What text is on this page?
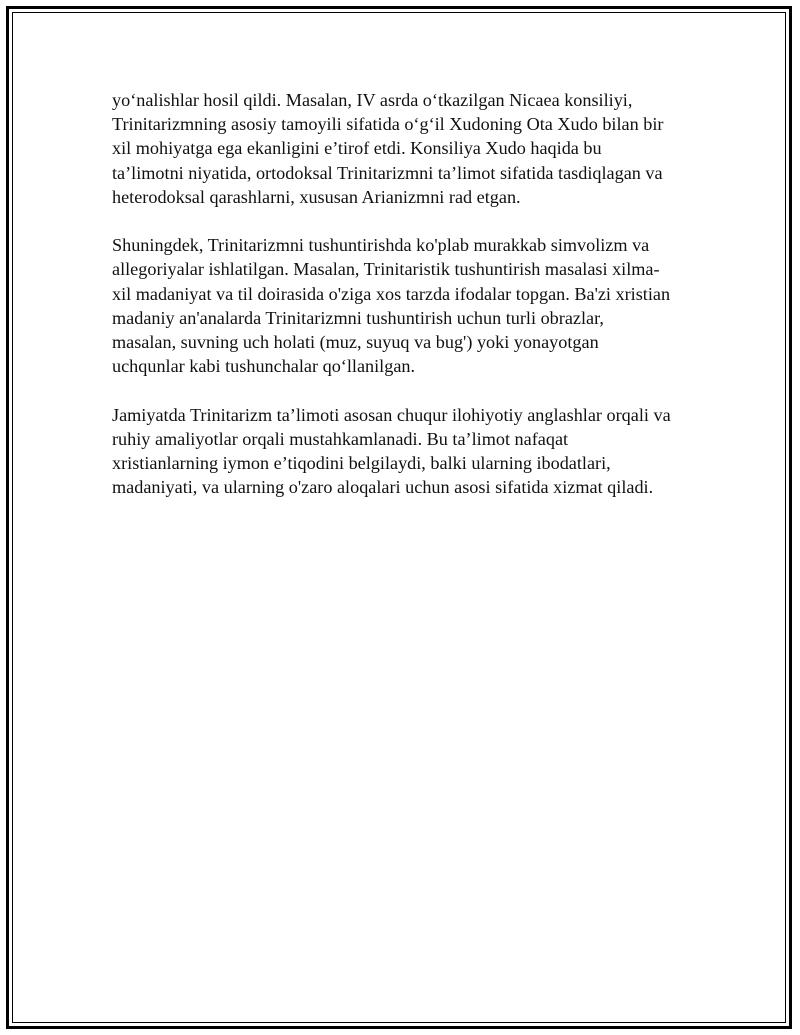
yo‘nalishlar hosil qildi. Masalan, IV asrda o‘tkazilgan Nicaea konsiliyi,
Trinitarizmning asosiy tamoyili sifatida o‘g‘il Xudoning Ota Xudo bilan bir
xil mohiyatga ega ekanligini e’tirof etdi. Konsiliya Xudo haqida bu
ta’limotni niyatida, ortodoksal Trinitarizmni ta’limot sifatida tasdiqlagan va
heterodoksal qarashlarni, xususan Arianizmni rad etgan.

Shuningdek, Trinitarizmni tushuntirishda ko'plab murakkab simvolizm va
allegoriyalar ishlatilgan. Masalan, Trinitaristik tushuntirish masalasi xilma-
xil madaniyat va til doirasida o'ziga xos tarzda ifodalar topgan. Ba'zi xristian
madaniy an'analarda Trinitarizmni tushuntirish uchun turli obrazlar,
masalan, suvning uch holati (muz, suyuq va bug') yoki yonayotgan
uchqunlar kabi tushunchalar qo‘llanilgan.

Jamiyatda Trinitarizm ta’limoti asosan chuqur ilohiyotiy anglashlar orqali va
ruhiy amaliyotlar orqali mustahkamlanadi. Bu ta’limot nafaqat
xristianlarning iymon e’tiqodini belgilaydi, balki ularning ibodatlari,
madaniyati, va ularning o'zaro aloqalari uchun asosi sifatida xizmat qiladi.
